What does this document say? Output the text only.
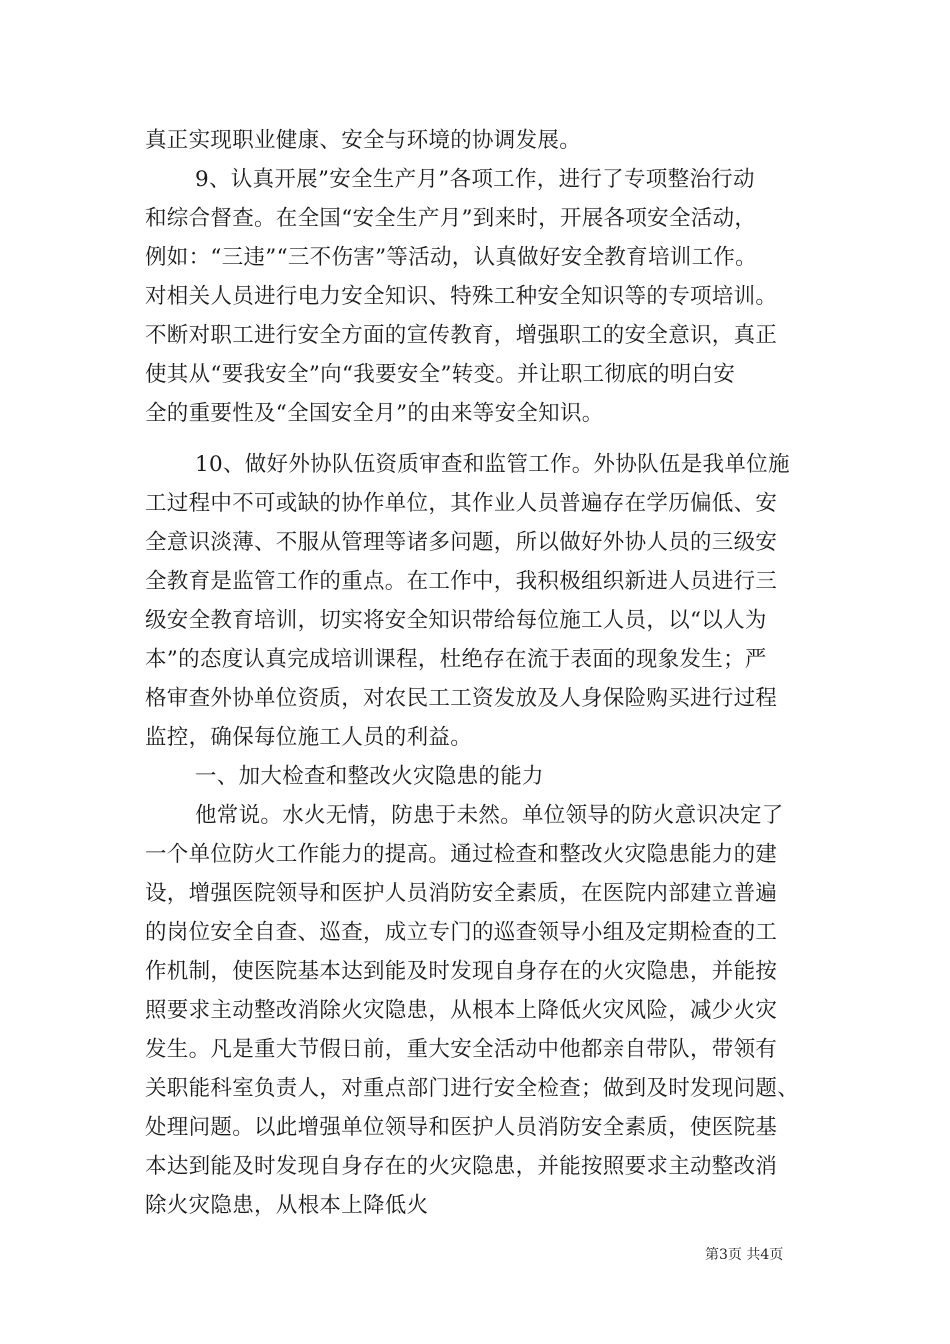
真正实现职业健康、安全与环境的协调发展。
9、认真开展”安全生产月”各项工作，进行了专项整治行动
和综合督查。在全国“安全生产月”到来时，开展各项安全活动，
例如：“三违”“三不伤害”等活动，认真做好安全教育培训工作。
对相关人员进行电力安全知识、特殊工种安全知识等的专项培训。
不断对职工进行安全方面的宣传教育，增强职工的安全意识，真正
使其从“要我安全”向“我要安全”转变。并让职工彻底的明白安
全的重要性及“全国安全月”的由来等安全知识。
10、做好外协队伍资质审查和监管工作。外协队伍是我单位施
工过程中不可或缺的协作单位，其作业人员普遍存在学历偏低、安
全意识淡薄、不服从管理等诸多问题，所以做好外协人员的三级安
全教育是监管工作的重点。在工作中，我积极组织新进人员进行三
级安全教育培训，切实将安全知识带给每位施工人员，以“以人为
本”的态度认真完成培训课程，杜绝存在流于表面的现象发生；严
格审查外协单位资质，对农民工工资发放及人身保险购买进行过程
监控，确保每位施工人员的利益。
一、加大检查和整改火灾隐患的能力
他常说。水火无情，防患于未然。单位领导的防火意识决定了
一个单位防火工作能力的提高。通过检查和整改火灾隐患能力的建
设，增强医院领导和医护人员消防安全素质，在医院内部建立普遍
的岗位安全自查、巡查，成立专门的巡查领导小组及定期检查的工
作机制，使医院基本达到能及时发现自身存在的火灾隐患，并能按
照要求主动整改消除火灾隐患，从根本上降低火灾风险，减少火灾
发生。凡是重大节假日前，重大安全活动中他都亲自带队，带领有
关职能科室负责人，对重点部门进行安全检查；做到及时发现问题、
处理问题。以此增强单位领导和医护人员消防安全素质，使医院基
本达到能及时发现自身存在的火灾隐患，并能按照要求主动整改消
除火灾隐患，从根本上降低火
第3页 共4页
